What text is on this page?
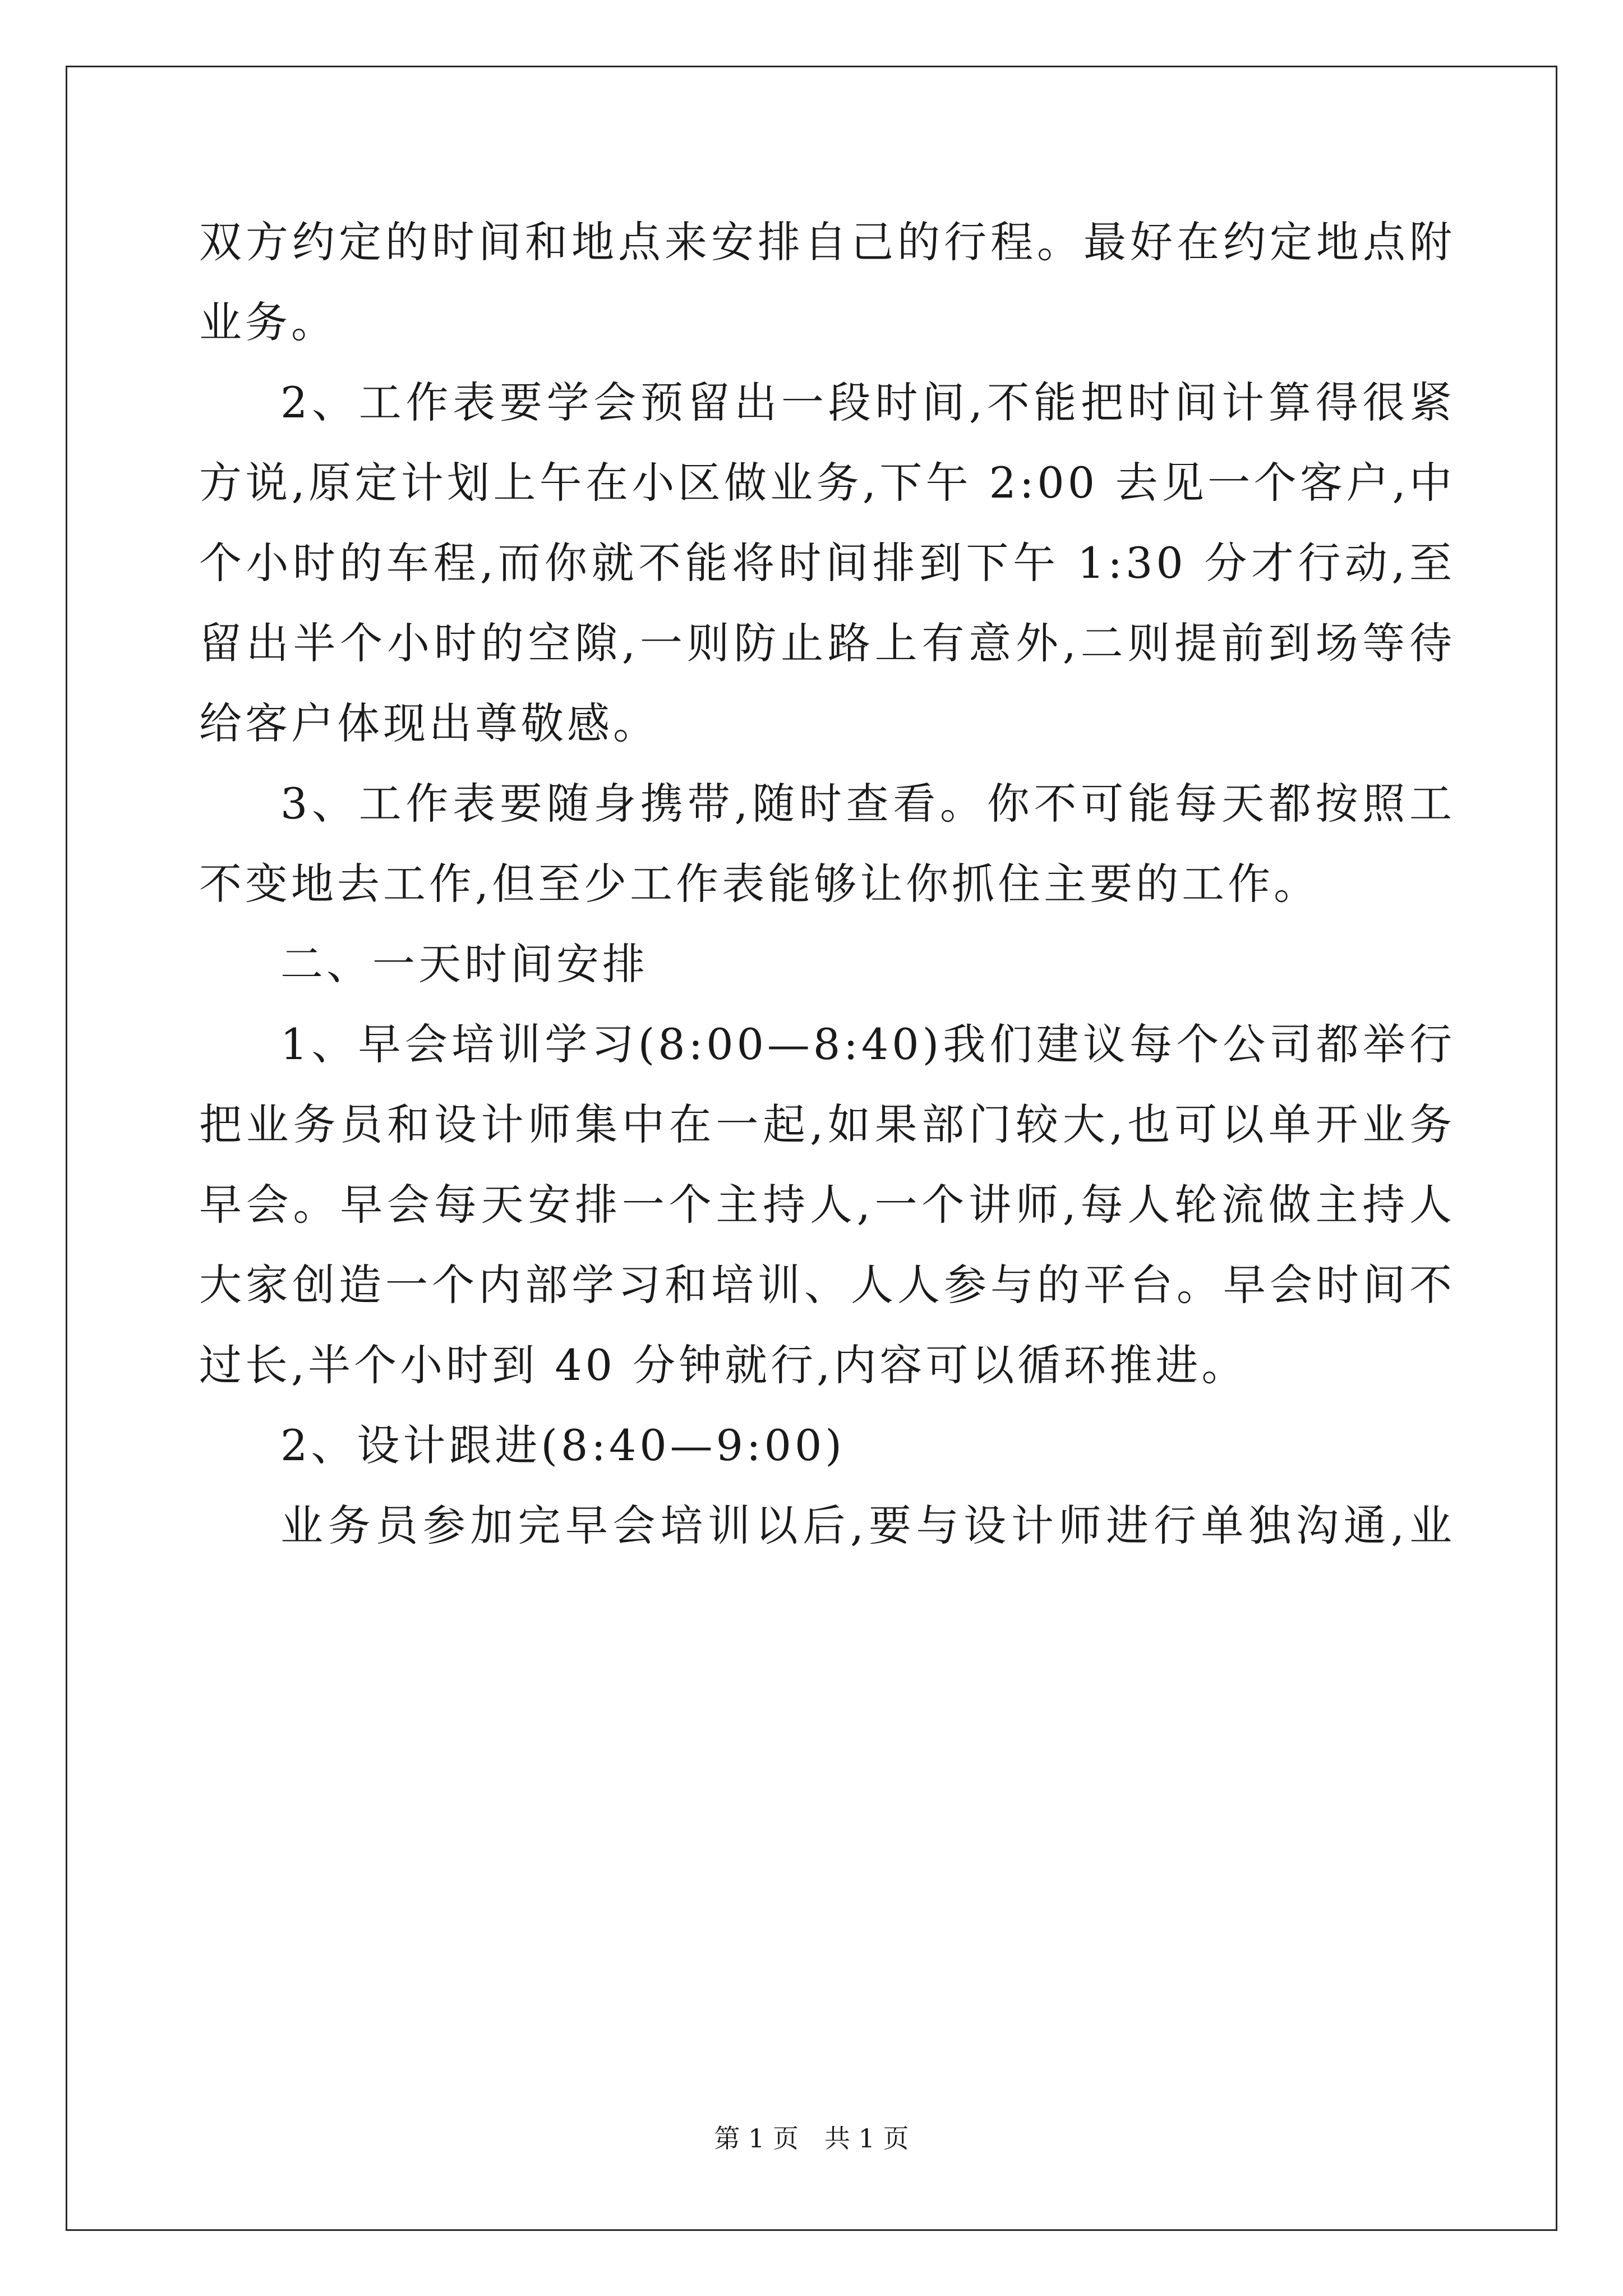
双方约定的时间和地点来安排自己的行程。最好在约定地点附
业务。
2、工作表要学会预留出一段时间,不能把时间计算得很紧
方说,原定计划上午在小区做业务,下午 2:00 去见一个客户,中
个小时的车程,而你就不能将时间排到下午 1:30 分才行动,至
留出半个小时的空隙,一则防止路上有意外,二则提前到场等待
给客户体现出尊敬感。
3、工作表要随身携带,随时查看。你不可能每天都按照工
不变地去工作,但至少工作表能够让你抓住主要的工作。
二、一天时间安排
1、早会培训学习(8:00—8:40)我们建议每个公司都举行
把业务员和设计师集中在一起,如果部门较大,也可以单开业务
早会。早会每天安排一个主持人,一个讲师,每人轮流做主持人
大家创造一个内部学习和培训、人人参与的平台。早会时间不
过长,半个小时到 40 分钟就行,内容可以循环推进。
2、设计跟进(8:40—9:00)
业务员参加完早会培训以后,要与设计师进行单独沟通,业
第 1 页 共 1 页
